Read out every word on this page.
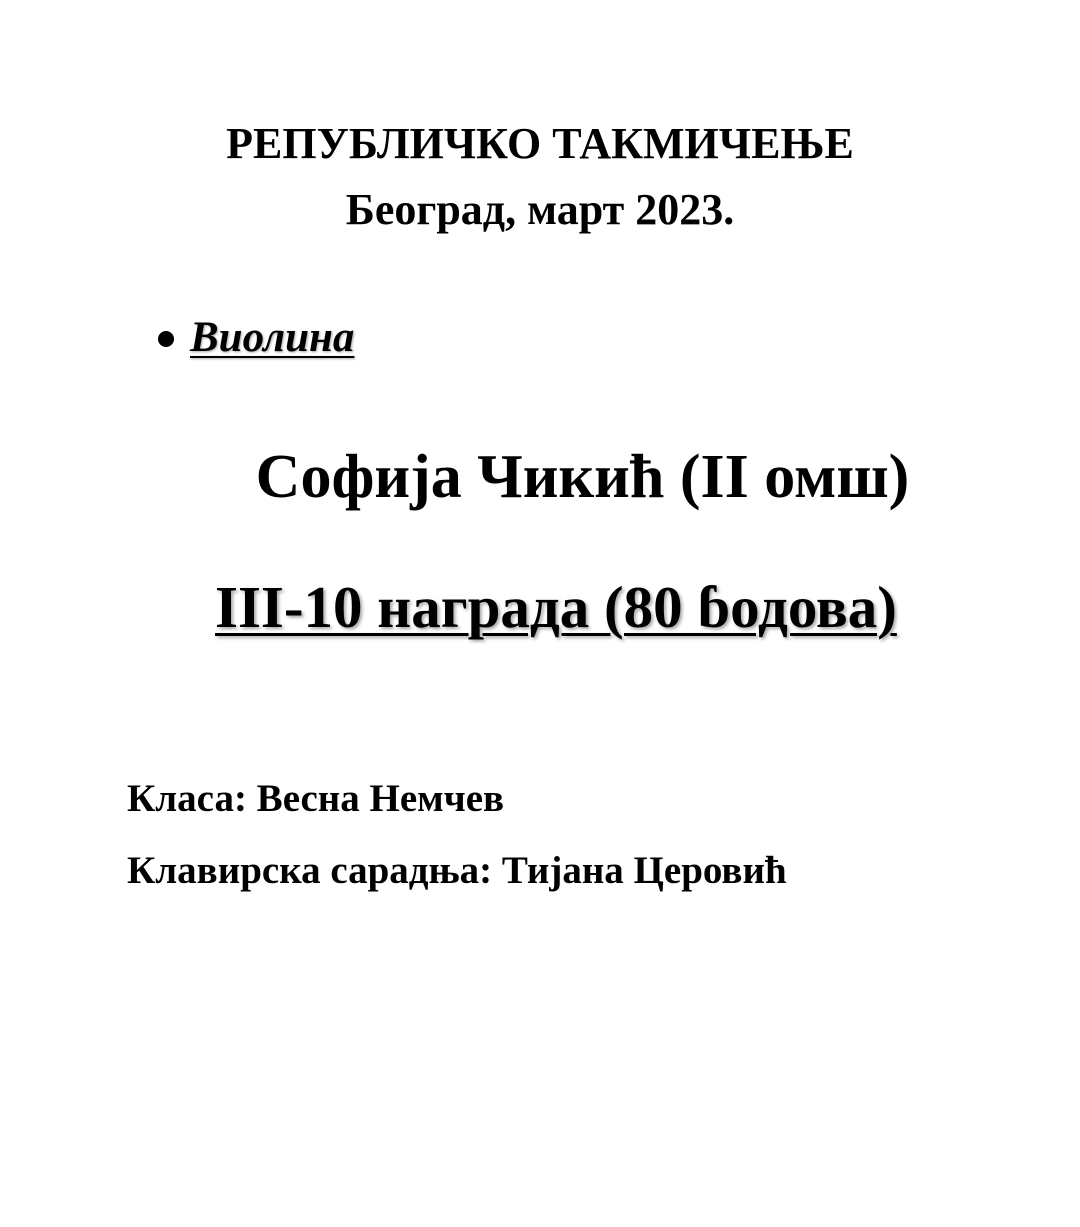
РЕПУБЛИЧКО ТАКМИЧЕЊЕ
Београд, март 2023.
Виолина
Софија Чикић (II омш)
III-10 награда (80 ɓодова)
Класа: Весна Немчев
Клавирска сарадња: Тијана Церовић
